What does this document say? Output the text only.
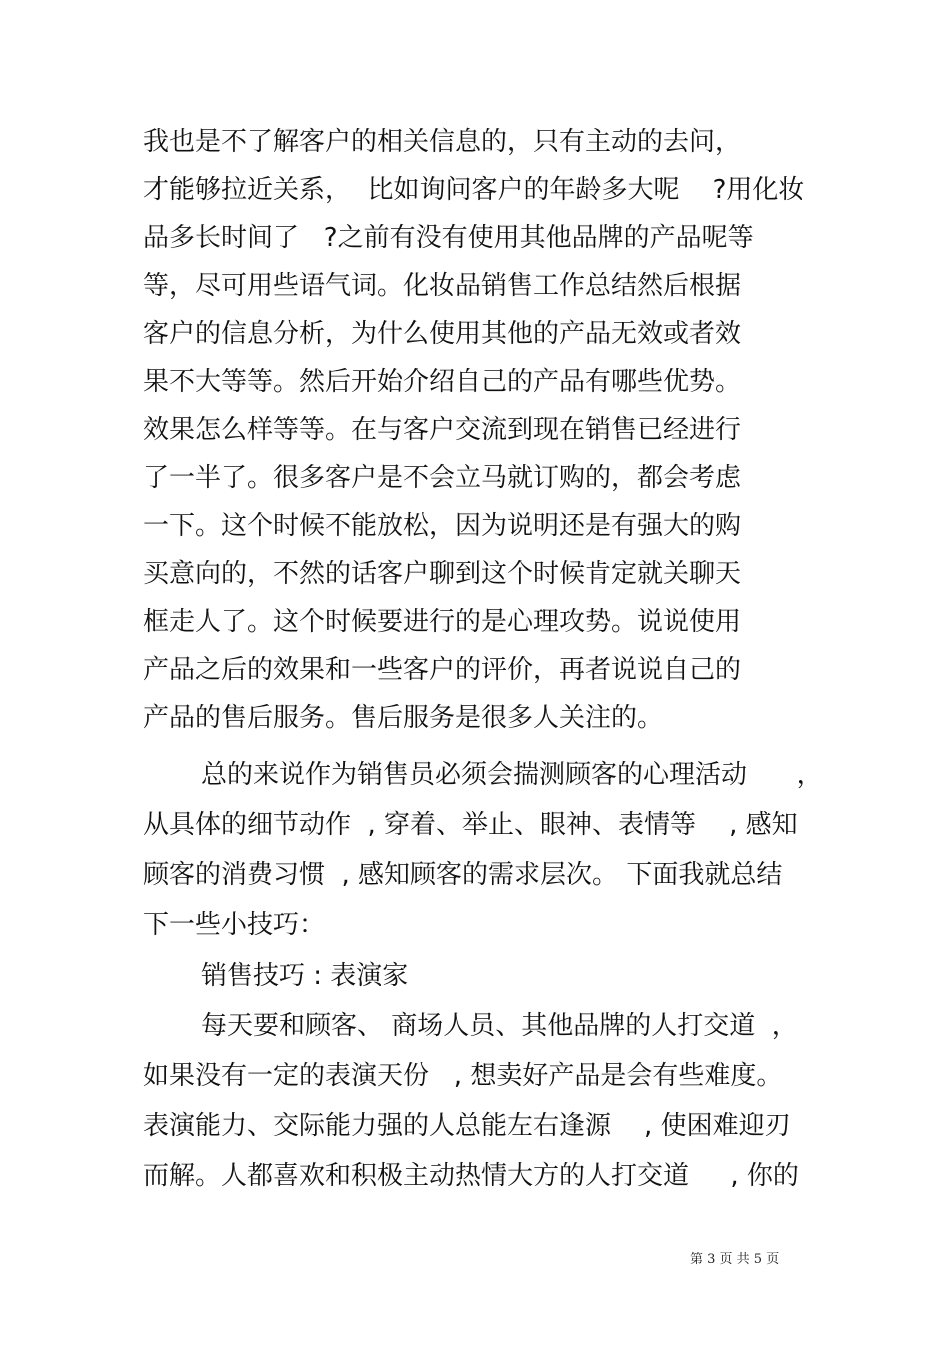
我也是不了解客户的相关信息的，只有主动的去问，
才能够拉近关系，  比如询问客户的年龄多大呢    ?用化妆
品多长时间了   ?之前有没有使用其他品牌的产品呢等
等，尽可用些语气词。化妆品销售工作总结然后根据
客户的信息分析，为什么使用其他的产品无效或者效
果不大等等。然后开始介绍自己的产品有哪些优势。
效果怎么样等等。在与客户交流到现在销售已经进行
了一半了。很多客户是不会立马就订购的，都会考虑
一下。这个时候不能放松，因为说明还是有强大的购
买意向的，不然的话客户聊到这个时候肯定就关聊天
框走人了。这个时候要进行的是心理攻势。说说使用
产品之后的效果和一些客户的评价，再者说说自己的
产品的售后服务。售后服务是很多人关注的。
总的来说作为销售员必须会揣测顾客的心理活动      ，
从具体的细节动作  , 穿着、举止、眼神、表情等    , 感知
顾客的消费习惯  , 感知顾客的需求层次。 下面我就总结
下一些小技巧：
销售技巧 : 表演家
每天要和顾客、 商场人员、其他品牌的人打交道  ，
如果没有一定的表演天份   , 想卖好产品是会有些难度。
表演能力、交际能力强的人总能左右逢源    , 使困难迎刃
而解。人都喜欢和积极主动热情大方的人打交道     , 你的
第 3 页 共 5 页
